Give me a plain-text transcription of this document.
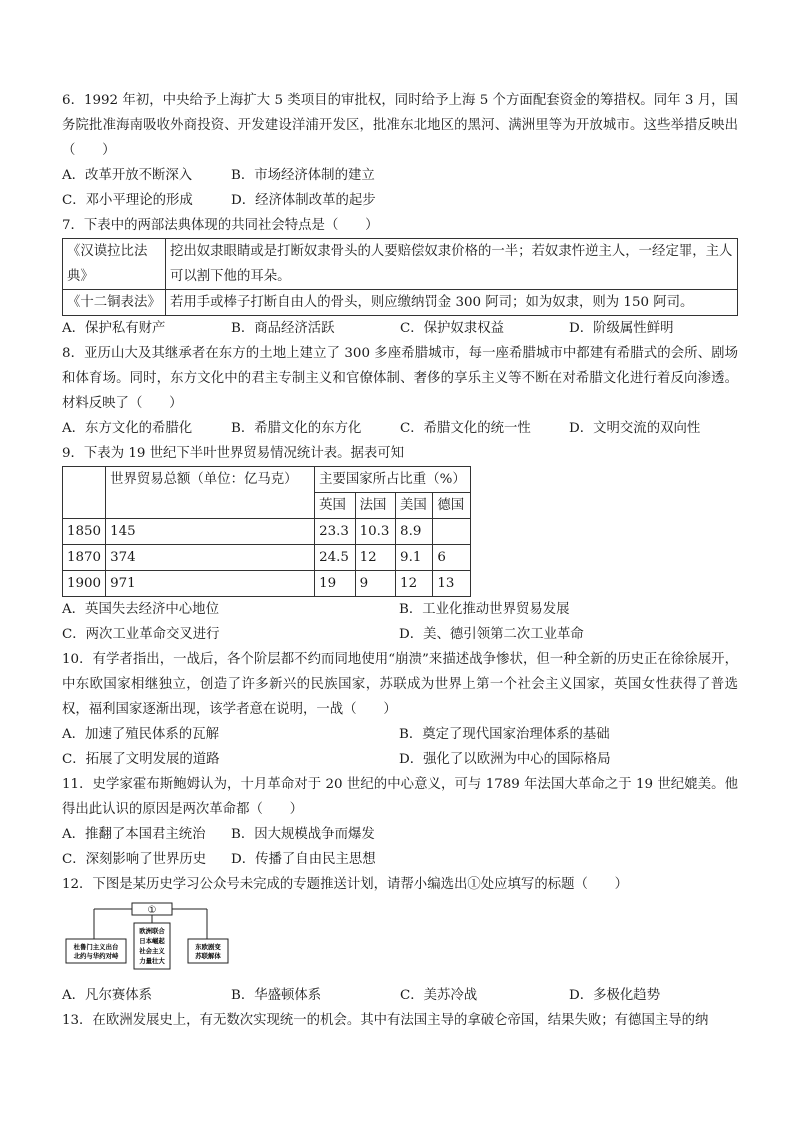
6．1992 年初，中央给予上海扩大 5 类项目的审批权，同时给予上海 5 个方面配套资金的筹措权。同年 3 月，国务院批准海南吸收外商投资、开发建设洋浦开发区，批准东北地区的黑河、满洲里等为开放城市。这些举措反映出（　　）

A．改革开放不断深入	B．市场经济体制的建立
C．邓小平理论的形成	D．经济体制改革的起步

7．下表中的两部法典体现的共同社会特点是（　　）

《汉谟拉比法典》	挖出奴隶眼睛或是打断奴隶骨头的人要赔偿奴隶价格的一半；若奴隶忤逆主人，一经定罪，主人可以割下他的耳朵。
《十二铜表法》	若用手或棒子打断自由人的骨头，则应缴纳罚金 300 阿司；如为奴隶，则为 150 阿司。
A．保护私有财产	B．商品经济活跃	C．保护奴隶权益	D．阶级属性鲜明

8．亚历山大及其继承者在东方的土地上建立了 300 多座希腊城市，每一座希腊城市中都建有希腊式的会所、剧场和体育场。同时，东方文化中的君主专制主义和官僚体制、奢侈的享乐主义等不断在对希腊文化进行着反向渗透。材料反映了（　　）

A．东方文化的希腊化	B．希腊文化的东方化	C．希腊文化的统一性	D．文明交流的双向性

9．下表为 19 世纪下半叶世界贸易情况统计表。据表可知

	世界贸易总额（单位：亿马克）	主要国家所占比重（%）			
		英国	法国	美国	德国
1850	145	23.3	10.3	8.9	
1870	374	24.5	12	9.1	6
1900	971	19	9	12	13
A．英国失去经济中心地位	B．工业化推动世界贸易发展
C．两次工业革命交叉进行	D．美、德引领第二次工业革命

10．有学者指出，一战后，各个阶层都不约而同地使用“崩溃”来描述战争惨状，但一种全新的历史正在徐徐展开，中东欧国家相继独立，创造了许多新兴的民族国家，苏联成为世界上第一个社会主义国家，英国女性获得了普选权，福利国家逐渐出现，该学者意在说明，一战（　　）

A．加速了殖民体系的瓦解	B．奠定了现代国家治理体系的基础
C．拓展了文明发展的道路	D．强化了以欧洲为中心的国际格局

11．史学家霍布斯鲍姆认为，十月革命对于 20 世纪的中心意义，可与 1789 年法国大革命之于 19 世纪媲美。他得出此认识的原因是两次革命都（　　）

A．推翻了本国君主统治	B．因大规模战争而爆发
C．深刻影响了世界历史	D．传播了自由民主思想

12．下图是某历史学习公众号未完成的专题推送计划，请帮小编选出①处应填写的标题（　　）

①
杜鲁门主义出台
北约与华约对峙
欧洲联合
日本崛起
社会主义
力量壮大
东欧剧变
苏联解体
A．凡尔赛体系	B．华盛顿体系	C．美苏冷战	D．多极化趋势

13．在欧洲发展史上，有无数次实现统一的机会。其中有法国主导的拿破仑帝国，结果失败；有德国主导的纳
